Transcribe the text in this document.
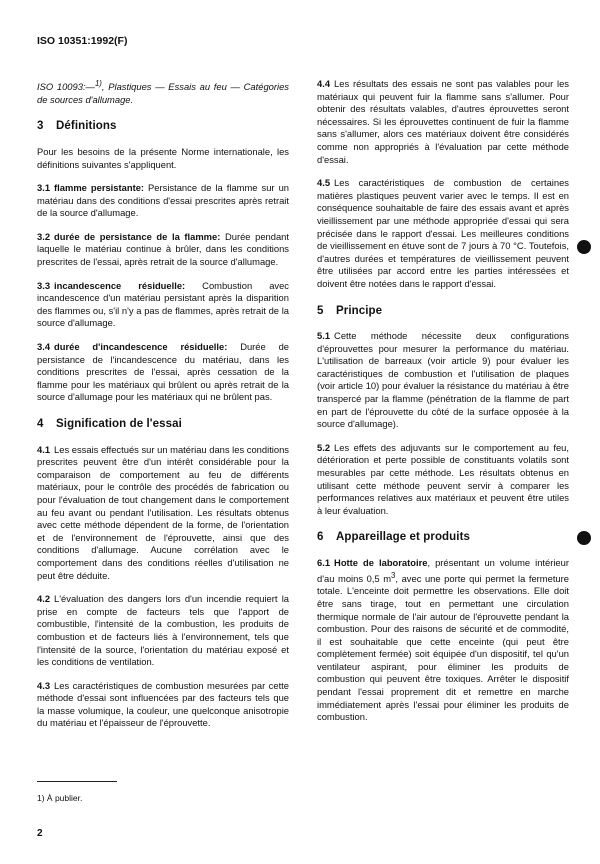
ISO 10351:1992(F)

ISO 10093:—$^{1)}$, Plastiques — Essais au feu — Catégories de sources d'allumage.

3 Définitions

Pour les besoins de la présente Norme internationale, les définitions suivantes s'appliquent.

3.1 flamme persistante: Persistance de la flamme sur un matériau dans des conditions d'essai prescrites après retrait de la source d'allumage.

3.2 durée de persistance de la flamme: Durée pendant laquelle le matériau continue à brûler, dans les conditions prescrites de l'essai, après retrait de la source d'allumage.

3.3 incandescence résiduelle: Combustion avec incandescence d'un matériau persistant après la disparition des flammes ou, s'il n'y a pas de flammes, après retrait de la source d'allumage.

3.4 durée d'incandescence résiduelle: Durée de persistance de l'incandescence du matériau, dans les conditions prescrites de l'essai, après cessation de la flamme pour les matériaux qui brûlent ou après retrait de la source d'allumage pour les matériaux qui ne brûlent pas.

4 Signification de l'essai

4.1 Les essais effectués sur un matériau dans les conditions prescrites peuvent être d'un intérêt considérable pour la comparaison de comportement au feu de différents matériaux, pour le contrôle des procédés de fabrication ou pour l'évaluation de tout changement dans le comportement au feu avant ou pendant l'utilisation. Les résultats obtenus avec cette méthode dépendent de la forme, de l'orientation et de l'environnement de l'éprouvette, ainsi que des conditions d'allumage. Aucune corrélation avec le comportement dans des conditions réelles d'utilisation ne peut être déduite.

4.2 L'évaluation des dangers lors d'un incendie requiert la prise en compte de facteurs tels que l'apport de combustible, l'intensité de la combustion, les produits de combustion et de facteurs liés à l'environnement, tels que l'intensité de la source, l'orientation du matériau exposé et les conditions de ventilation.

4.3 Les caractéristiques de combustion mesurées par cette méthode d'essai sont influencées par des facteurs tels que la masse volumique, la couleur, une quelconque anisotropie du matériau et l'épaisseur de l'éprouvette.

4.4 Les résultats des essais ne sont pas valables pour les matériaux qui peuvent fuir la flamme sans s'allumer. Pour obtenir des résultats valables, d'autres éprouvettes seront nécessaires. Si les éprouvettes continuent de fuir la flamme sans s'allumer, alors ces matériaux doivent être considérés comme non appropriés à l'évaluation par cette méthode d'essai.

4.5 Les caractéristiques de combustion de certaines matières plastiques peuvent varier avec le temps. Il est en conséquence souhaitable de faire des essais avant et après vieillissement par une méthode appropriée d'essai qui sera précisée dans le rapport d'essai. Les meilleures conditions de vieillissement en étuve sont de 7 jours à 70 °C. Toutefois, d'autres durées et températures de vieillissement peuvent être utilisées par accord entre les parties intéressées et doivent être notées dans le rapport d'essai.

5 Principe

5.1 Cette méthode nécessite deux configurations d'éprouvettes pour mesurer la performance du matériau. L'utilisation de barreaux (voir article 9) pour évaluer les caractéristiques de combustion et l'utilisation de plaques (voir article 10) pour évaluer la résistance du matériau à être transpercé par la flamme (pénétration de la flamme de part en part de l'éprouvette du côté de la surface opposée à la source d'allumage).

5.2 Les effets des adjuvants sur le comportement au feu, détérioration et perte possible de constituants volatils sont mesurables par cette méthode. Les résultats obtenus en utilisant cette méthode peuvent servir à comparer les performances relatives aux matériaux et peuvent être utiles à leur évaluation.

6 Appareillage et produits

6.1 Hotte de laboratoire, présentant un volume intérieur d'au moins 0,5 $m^3$, avec une porte qui permet la fermeture totale. L'enceinte doit permettre les observations. Elle doit être sans tirage, tout en permettant une circulation thermique normale de l'air autour de l'éprouvette pendant la combustion. Pour des raisons de sécurité et de commodité, il est souhaitable que cette enceinte (qui peut être complètement fermée) soit équipée d'un dispositif, tel qu'un ventilateur aspirant, pour éliminer les produits de combustion qui peuvent être toxiques. Arrêter le dispositif pendant l'essai proprement dit et remettre en marche immédiatement après l'essai pour éliminer les produits de combustion.

1) À publier.
2
